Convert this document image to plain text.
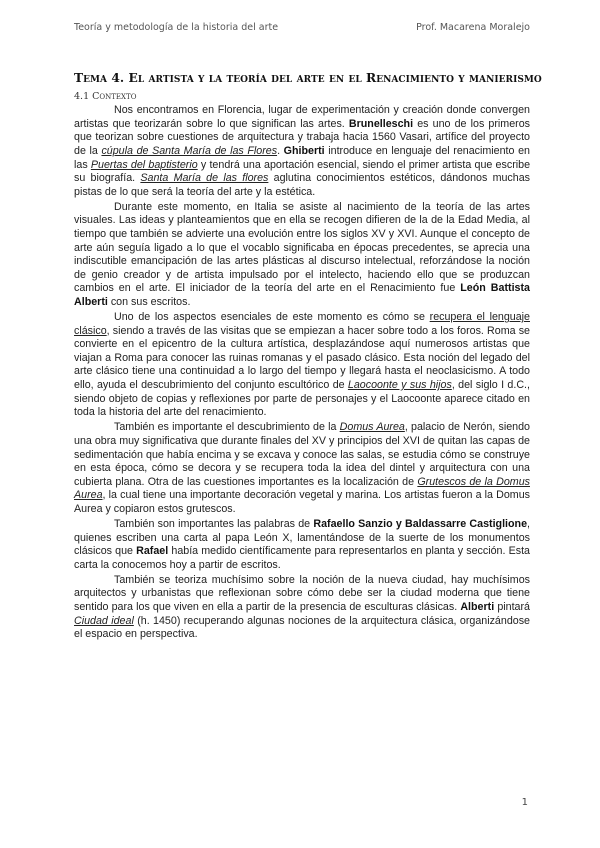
Teoría y metodología de la historia del arte	Prof. Macarena Moralejo
Tema 4. El artista y la teoría del arte en el Renacimiento y manierismo
4.1 Contexto

Nos encontramos en Florencia, lugar de experimentación y creación donde convergen artistas que teorizarán sobre lo que significan las artes. Brunelleschi es uno de los primeros que teorizan sobre cuestiones de arquitectura y trabaja hacia 1560 Vasari, artífice del proyecto de la cúpula de Santa María de las Flores. Ghiberti introduce en lenguaje del renacimiento en las Puertas del baptisterio y tendrá una aportación esencial, siendo el primer artista que escribe su biografía. Santa María de las flores aglutina conocimientos estéticos, dándonos muchas pistas de lo que será la teoría del arte y la estética.

Durante este momento, en Italia se asiste al nacimiento de la teoría de las artes visuales. Las ideas y planteamientos que en ella se recogen difieren de la de la Edad Media, al tiempo que también se advierte una evolución entre los siglos XV y XVI. Aunque el concepto de arte aún seguía ligado a lo que el vocablo significaba en épocas precedentes, se aprecia una indiscutible emancipación de las artes plásticas al discurso intelectual, reforzándose la noción de genio creador y de artista impulsado por el intelecto, haciendo ello que se produzcan cambios en el arte. El iniciador de la teoría del arte en el Renacimiento fue León Battista Alberti con sus escritos.

Uno de los aspectos esenciales de este momento es cómo se recupera el lenguaje clásico, siendo a través de las visitas que se empiezan a hacer sobre todo a los foros. Roma se convierte en el epicentro de la cultura artística, desplazándose aquí numerosos artistas que viajan a Roma para conocer las ruinas romanas y el pasado clásico. Esta noción del legado del arte clásico tiene una continuidad a lo largo del tiempo y llegará hasta el neoclasicismo. A todo ello, ayuda el descubrimiento del conjunto escultórico de Laocoonte y sus hijos, del siglo I d.C., siendo objeto de copias y reflexiones por parte de personajes y el Laocoonte aparece citado en toda la historia del arte del renacimiento.

También es importante el descubrimiento de la Domus Aurea, palacio de Nerón, siendo una obra muy significativa que durante finales del XV y principios del XVI de quitan las capas de sedimentación que había encima y se excava y conoce las salas, se estudia cómo se construye en esta época, cómo se decora y se recupera toda la idea del dintel y arquitectura con una cubierta plana. Otra de las cuestiones importantes es la localización de Grutescos de la Domus Aurea, la cual tiene una importante decoración vegetal y marina. Los artistas fueron a la Domus Aurea y copiaron estos grutescos.

También son importantes las palabras de Rafaello Sanzio y Baldassarre Castiglione, quienes escriben una carta al papa León X, lamentándose de la suerte de los monumentos clásicos que Rafael había medido científicamente para representarlos en planta y sección. Esta carta la conocemos hoy a partir de escritos.

También se teoriza muchísimo sobre la noción de la nueva ciudad, hay muchísimos arquitectos y urbanistas que reflexionan sobre cómo debe ser la ciudad moderna que tiene sentido para los que viven en ella a partir de la presencia de esculturas clásicas. Alberti pintará Ciudad ideal (h. 1450) recuperando algunas nociones de la arquitectura clásica, organizándose el espacio en perspectiva.

1
